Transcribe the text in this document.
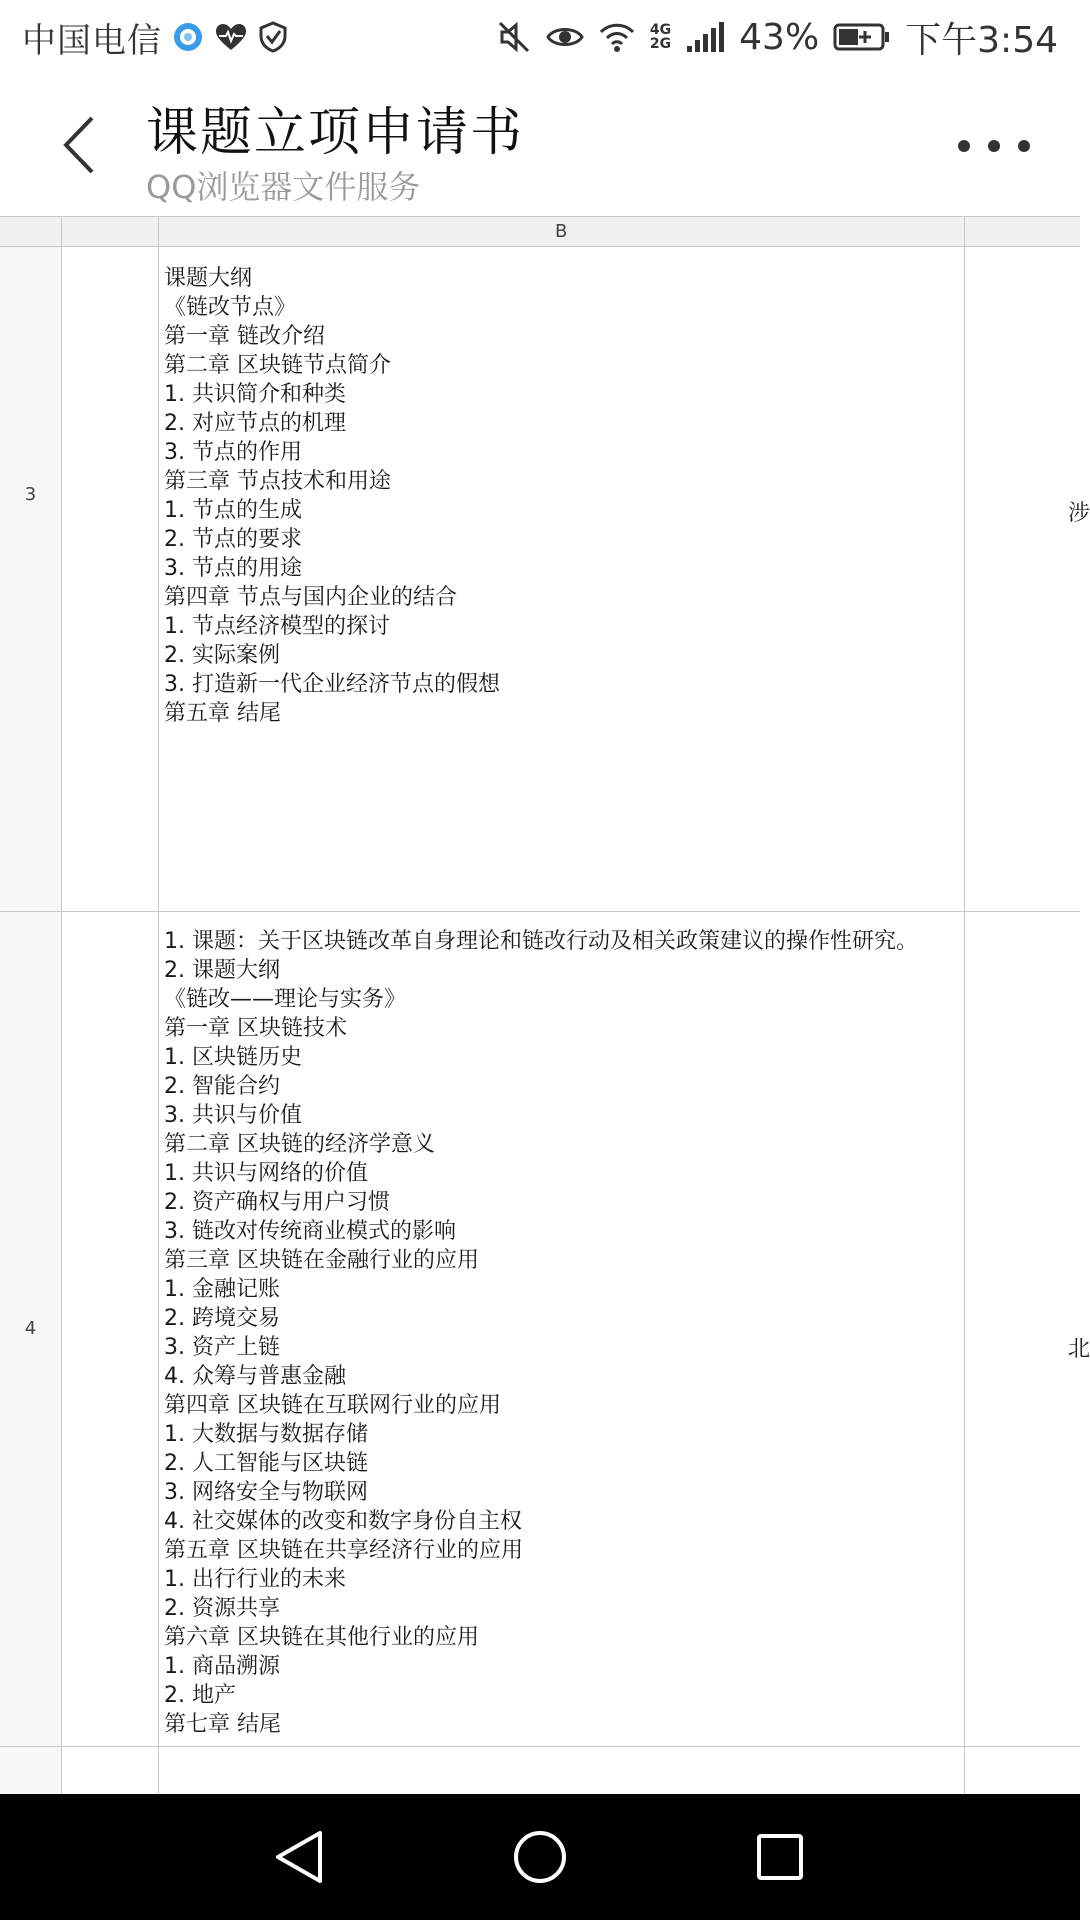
中国电信	4G
2G 43% 下午3:54
课题立项申请书
QQ浏览器文件服务
B
3
课题大纲
《链改节点》
第一章 链改介绍
第二章 区块链节点简介
1. 共识简介和种类
2. 对应节点的机理
3. 节点的作用
第三章 节点技术和用途
1. 节点的生成
2. 节点的要求
3. 节点的用途
第四章 节点与国内企业的结合
1. 节点经济模型的探讨
2. 实际案例
3. 打造新一代企业经济节点的假想
第五章 结尾
涉
4
1. 课题：关于区块链改革自身理论和链改行动及相关政策建议的操作性研究。
2. 课题大纲
《链改——理论与实务》
第一章 区块链技术
1. 区块链历史
2. 智能合约
3. 共识与价值
第二章 区块链的经济学意义
1. 共识与网络的价值
2. 资产确权与用户习惯
3. 链改对传统商业模式的影响
第三章 区块链在金融行业的应用
1. 金融记账
2. 跨境交易
3. 资产上链
4. 众筹与普惠金融
第四章 区块链在互联网行业的应用
1. 大数据与数据存储
2. 人工智能与区块链
3. 网络安全与物联网
4. 社交媒体的改变和数字身份自主权
第五章 区块链在共享经济行业的应用
1. 出行行业的未来
2. 资源共享
第六章 区块链在其他行业的应用
1. 商品溯源
2. 地产
第七章 结尾
北
